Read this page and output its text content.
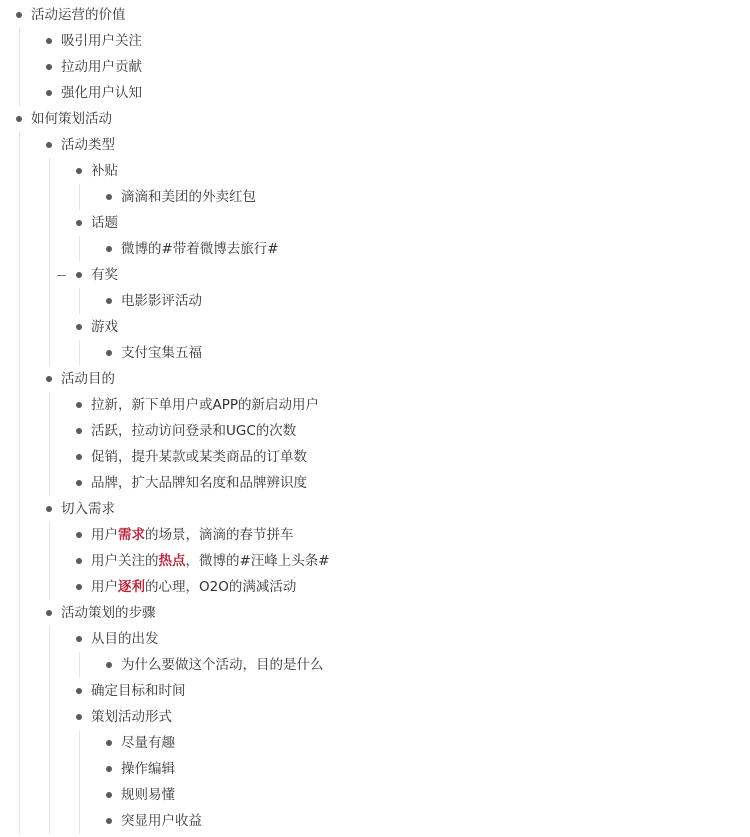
活动运营的价值
吸引用户关注
拉动用户贡献
强化用户认知
如何策划活动
活动类型
补贴
滴滴和美团的外卖红包
话题
微博的#带着微博去旅行#
有奖
电影影评活动
游戏
支付宝集五福
活动目的
拉新，新下单用户或APP的新启动用户
活跃，拉动访问登录和UGC的次数
促销，提升某款或某类商品的订单数
品牌，扩大品牌知名度和品牌辨识度
切入需求
用户需求的场景，滴滴的春节拼车
用户关注的热点，微博的#汪峰上头条#
用户逐利的心理，O2O的满减活动
活动策划的步骤
从目的出发
为什么要做这个活动，目的是什么
确定目标和时间
策划活动形式
尽量有趣
操作编辑
规则易懂
突显用户收益
